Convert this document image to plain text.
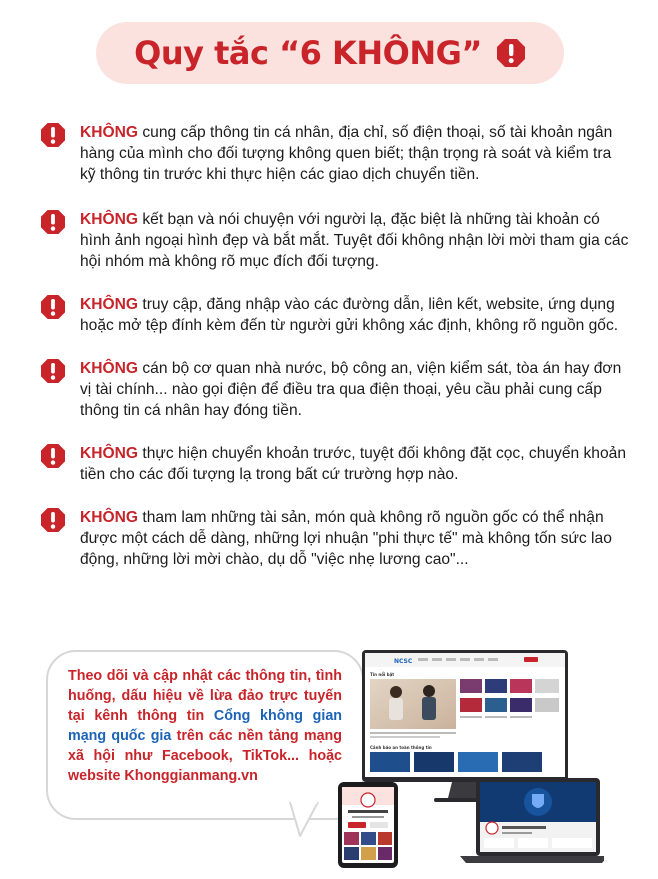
Quy tắc “6 KHÔNG”

KHÔNG cung cấp thông tin cá nhân, địa chỉ, số điện thoại, số tài khoản ngân hàng của mình cho đối tượng không quen biết; thận trọng rà soát và kiểm tra kỹ thông tin trước khi thực hiện các giao dịch chuyển tiền.

KHÔNG kết bạn và nói chuyện với người lạ, đặc biệt là những tài khoản có hình ảnh ngoại hình đẹp và bắt mắt. Tuyệt đối không nhận lời mời tham gia các hội nhóm mà không rõ mục đích đối tượng.

KHÔNG truy cập, đăng nhập vào các đường dẫn, liên kết, website, ứng dụng hoặc mở tệp đính kèm đến từ người gửi không xác định, không rõ nguồn gốc.

KHÔNG cán bộ cơ quan nhà nước, bộ công an, viện kiểm sát, tòa án hay đơn vị tài chính... nào gọi điện để điều tra qua điện thoại, yêu cầu phải cung cấp thông tin cá nhân hay đóng tiền.

KHÔNG thực hiện chuyển khoản trước, tuyệt đối không đặt cọc, chuyển khoản tiền cho các đối tượng lạ trong bất cứ trường hợp nào.

KHÔNG tham lam những tài sản, món quà không rõ nguồn gốc có thể nhận được một cách dễ dàng, những lợi nhuận "phi thực tế" mà không tốn sức lao động, những lời mời chào, dụ dỗ "việc nhẹ lương cao"...

Theo dõi và cập nhật các thông tin, tình huống, dấu hiệu về lừa đảo trực tuyến tại kênh thông tin Cổng không gian mạng quốc gia trên các nền tảng mạng xã hội như Facebook, TikTok... hoặc website Khonggianmang.vn

NCSC
Tin nổi bật
Cảnh báo an toàn thông tin
